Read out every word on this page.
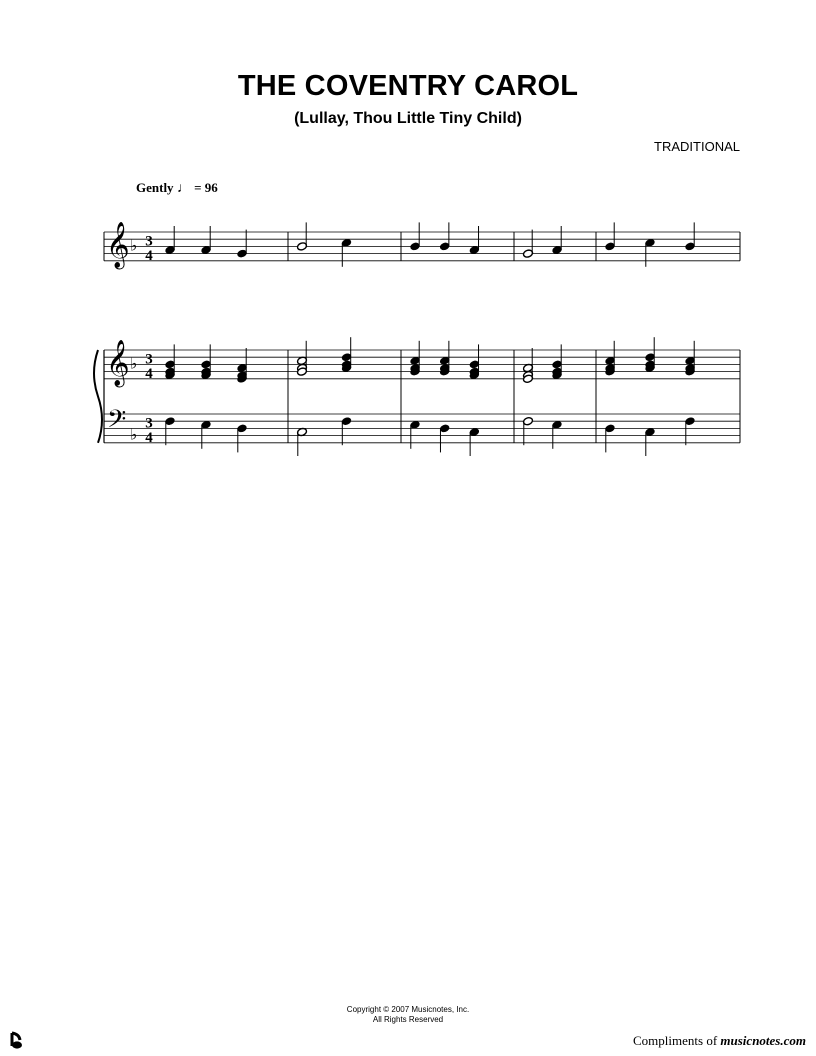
THE COVENTRY CAROL
(Lullay, Thou Little Tiny Child)
TRADITIONAL
Gently ♩ = 96
𝄞
𝄞
𝄢
♭
♭
♭
3
4
3
4
3
4
Copyright © 2007 Musicnotes, Inc.
All Rights Reserved
Compliments of musicnotes.com
